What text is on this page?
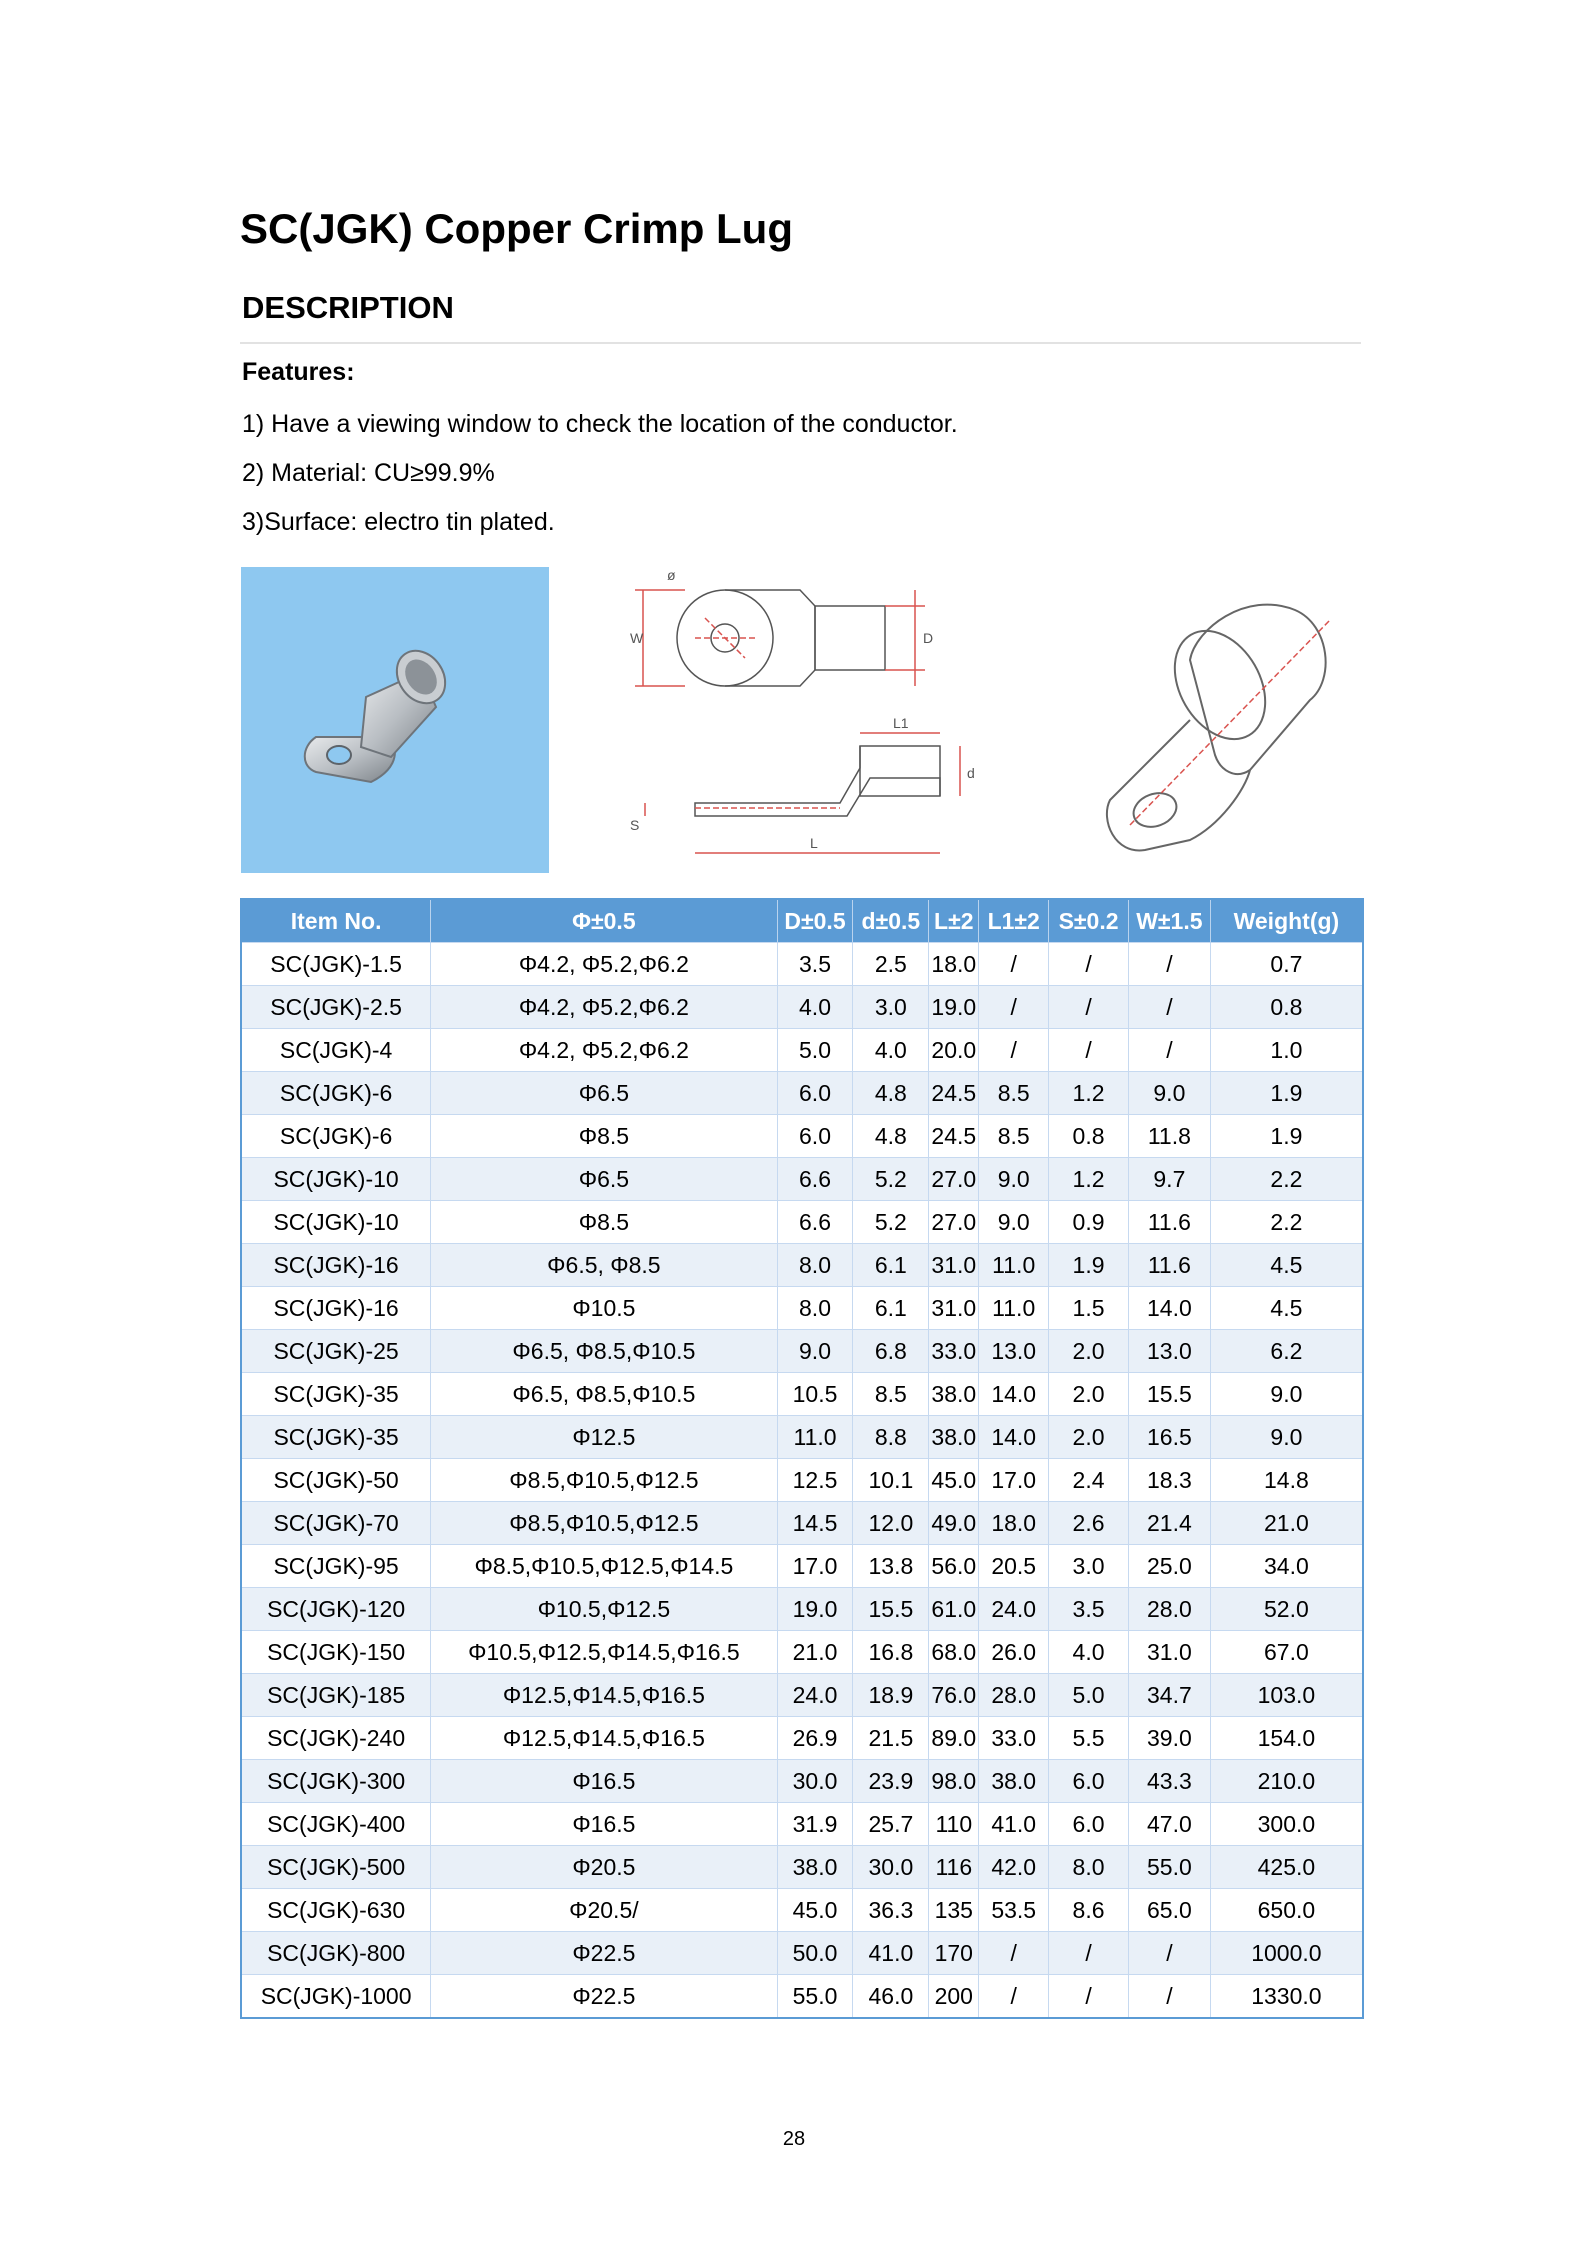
SC(JGK) Copper Crimp Lug
DESCRIPTION
Features:
1) Have a viewing window to check the location of the conductor.
2) Material: CU≥99.9%
3)Surface: electro tin plated.
ø
W	D
L1
d
S
L
Item No.	Φ±0.5	D±0.5	d±0.5	L±2	L1±2	S±0.2	W±1.5	Weight(g)
SC(JGK)-1.5	Φ4.2, Φ5.2,Φ6.2	3.5	2.5	18.0	/	/	/	0.7
SC(JGK)-2.5	Φ4.2, Φ5.2,Φ6.2	4.0	3.0	19.0	/	/	/	0.8
SC(JGK)-4	Φ4.2, Φ5.2,Φ6.2	5.0	4.0	20.0	/	/	/	1.0
SC(JGK)-6	Φ6.5	6.0	4.8	24.5	8.5	1.2	9.0	1.9
SC(JGK)-6	Φ8.5	6.0	4.8	24.5	8.5	0.8	11.8	1.9
SC(JGK)-10	Φ6.5	6.6	5.2	27.0	9.0	1.2	9.7	2.2
SC(JGK)-10	Φ8.5	6.6	5.2	27.0	9.0	0.9	11.6	2.2
SC(JGK)-16	Φ6.5, Φ8.5	8.0	6.1	31.0	11.0	1.9	11.6	4.5
SC(JGK)-16	Φ10.5	8.0	6.1	31.0	11.0	1.5	14.0	4.5
SC(JGK)-25	Φ6.5, Φ8.5,Φ10.5	9.0	6.8	33.0	13.0	2.0	13.0	6.2
SC(JGK)-35	Φ6.5, Φ8.5,Φ10.5	10.5	8.5	38.0	14.0	2.0	15.5	9.0
SC(JGK)-35	Φ12.5	11.0	8.8	38.0	14.0	2.0	16.5	9.0
SC(JGK)-50	Φ8.5,Φ10.5,Φ12.5	12.5	10.1	45.0	17.0	2.4	18.3	14.8
SC(JGK)-70	Φ8.5,Φ10.5,Φ12.5	14.5	12.0	49.0	18.0	2.6	21.4	21.0
SC(JGK)-95	Φ8.5,Φ10.5,Φ12.5,Φ14.5	17.0	13.8	56.0	20.5	3.0	25.0	34.0
SC(JGK)-120	Φ10.5,Φ12.5	19.0	15.5	61.0	24.0	3.5	28.0	52.0
SC(JGK)-150	Φ10.5,Φ12.5,Φ14.5,Φ16.5	21.0	16.8	68.0	26.0	4.0	31.0	67.0
SC(JGK)-185	Φ12.5,Φ14.5,Φ16.5	24.0	18.9	76.0	28.0	5.0	34.7	103.0
SC(JGK)-240	Φ12.5,Φ14.5,Φ16.5	26.9	21.5	89.0	33.0	5.5	39.0	154.0
SC(JGK)-300	Φ16.5	30.0	23.9	98.0	38.0	6.0	43.3	210.0
SC(JGK)-400	Φ16.5	31.9	25.7	110	41.0	6.0	47.0	300.0
SC(JGK)-500	Φ20.5	38.0	30.0	116	42.0	8.0	55.0	425.0
SC(JGK)-630	Φ20.5/	45.0	36.3	135	53.5	8.6	65.0	650.0
SC(JGK)-800	Φ22.5	50.0	41.0	170	/	/	/	1000.0
SC(JGK)-1000	Φ22.5	55.0	46.0	200	/	/	/	1330.0
28
